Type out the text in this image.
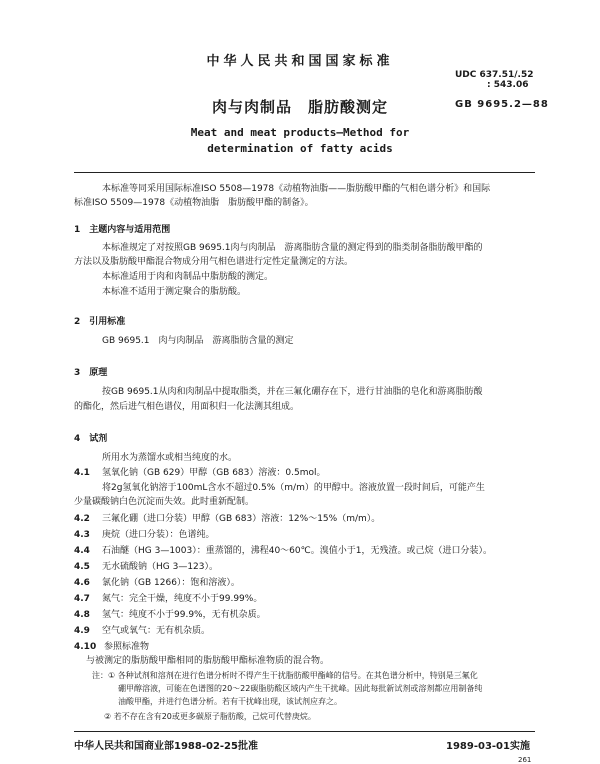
中华人民共和国国家标准
UDC 637.51/.52
: 543.06
肉与肉制品　脂肪酸测定	GB 9695.2—88
Meat and meat products—Method for
determination of fatty acids
本标准等同采用国际标准ISO 5508—1978《动植物油脂——脂肪酸甲酯的气相色谱分析》和国际
标准ISO 5509—1978《动植物油脂　脂肪酸甲酯的制备》。
1　主题内容与适用范围
本标准规定了对按照GB 9695.1肉与肉制品　游离脂肪含量的测定得到的脂类制备脂肪酸甲酯的
方法以及脂肪酸甲酯混合物成分用气相色谱进行定性定量测定的方法。
本标准适用于肉和肉制品中脂肪酸的测定。
本标准不适用于测定聚合的脂肪酸。
2　引用标准
GB 9695.1　肉与肉制品　游离脂肪含量的测定
3　原理
按GB 9695.1从肉和肉制品中提取脂类，并在三氟化硼存在下，进行甘油脂的皂化和游离脂肪酸
的酯化，然后进气相色谱仪，用面积归一化法测其组成。
4　试剂
所用水为蒸馏水或相当纯度的水。
4.1 氢氧化钠（GB 629）甲醇（GB 683）溶液：0.5mol。
将2g氢氧化钠溶于100mL含水不超过0.5%（m/m）的甲醇中。溶液放置一段时间后，可能产生
少量碳酸钠白色沉淀而失效。此时重新配制。
4.2 三氟化硼（进口分装）甲醇（GB 683）溶液：12%～15%（m/m）。
4.3 庚烷（进口分装）：色谱纯。
4.4 石油醚（HG 3—1003）：重蒸馏的，沸程40～60℃。溴值小于1，无残渣。或己烷（进口分装）。
4.5 无水硫酸钠（HG 3—123）。
4.6 氯化钠（GB 1266）：饱和溶液）。
4.7 氮气：完全干燥，纯度不小于99.99%。
4.8 氢气：纯度不小于99.9%，无有机杂质。
4.9 空气或氧气：无有机杂质。
4.10 参照标准物
与被测定的脂肪酸甲酯相同的脂肪酸甲酯标准物质的混合物。
注：① 各种试剂和溶剂在进行色谱分析时不得产生干扰脂肪酸甲酯峰的信号。在其色谱分析中，特别是三氟化
硼甲醇溶液，可能在色谱图的20～22碳脂肪酸区域内产生干扰峰。因此每批新试剂或溶剂都应用制备纯
油酸甲酯，并进行色谱分析。若有干扰峰出现，该试剂应弃之。
② 若不存在含有20或更多碳原子脂肪酸，己烷可代替庚烷。
中华人民共和国商业部1988-02-25批准	1989-03-01实施
261
